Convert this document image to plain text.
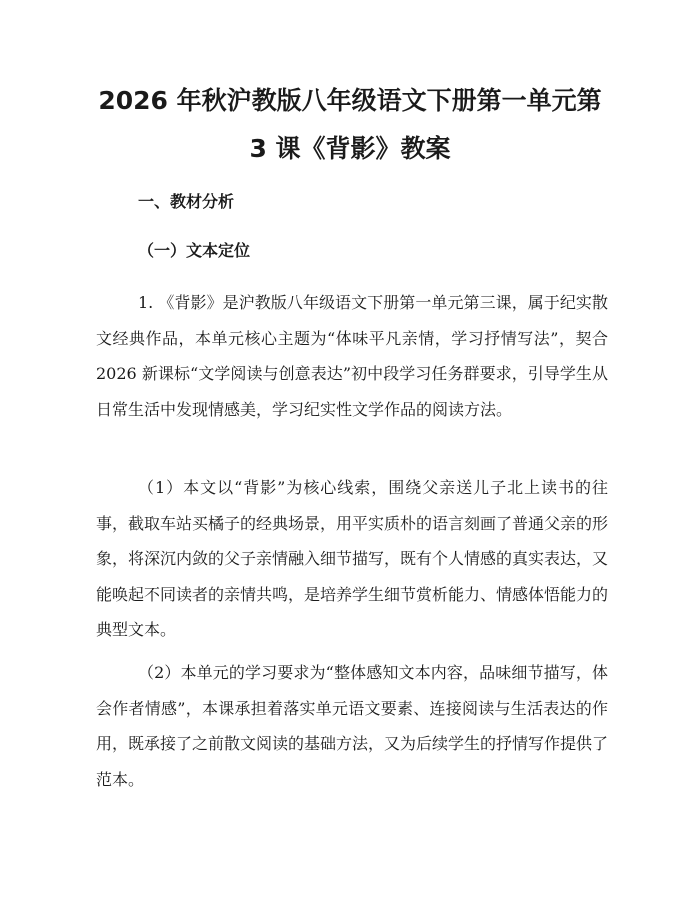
2026 年秋沪教版八年级语文下册第一单元第
3 课《背影》教案
一、教材分析
（一）文本定位

1. 《背影》是沪教版八年级语文下册第一单元第三课，属于纪实散文经典作品，本单元核心主题为“体味平凡亲情，学习抒情写法”，契合 2026 新课标“文学阅读与创意表达”初中段学习任务群要求，引导学生从日常生活中发现情感美，学习纪实性文学作品的阅读方法。

（1）本文以“背影”为核心线索，围绕父亲送儿子北上读书的往事，截取车站买橘子的经典场景，用平实质朴的语言刻画了普通父亲的形象，将深沉内敛的父子亲情融入细节描写，既有个人情感的真实表达，又能唤起不同读者的亲情共鸣，是培养学生细节赏析能力、情感体悟能力的典型文本。

（2）本单元的学习要求为“整体感知文本内容，品味细节描写，体会作者情感”，本课承担着落实单元语文要素、连接阅读与生活表达的作用，既承接了之前散文阅读的基础方法，又为后续学生的抒情写作提供了范本。
